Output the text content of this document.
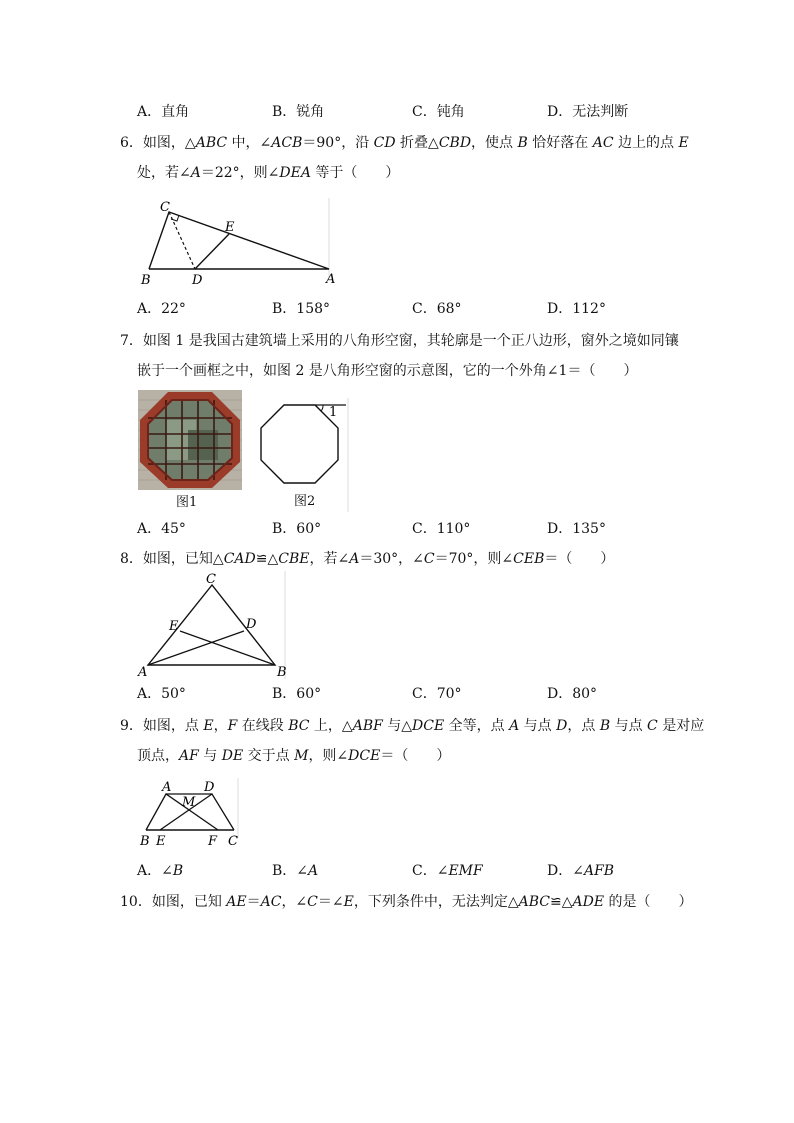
A．直角	B．锐角	C．钝角	D．无法判断
6．如图，△ABC 中，∠ACB＝90°，沿 CD 折叠△CBD，使点 B 恰好落在 AC 边上的点 E
处，若∠A＝22°，则∠DEA 等于（　　）
C
E
B	D	A
A．22°	B．158°	C．68°	D．112°
7．如图 1 是我国古建筑墙上采用的八角形空窗，其轮廓是一个正八边形，窗外之境如同镶
嵌于一个画框之中，如图 2 是八角形空窗的示意图，它的一个外角∠1＝（　　）
图1
1
图2
A．45°	B．60°	C．110°	D．135°
8．如图，已知△CAD≌△CBE，若∠A＝30°，∠C＝70°，则∠CEB＝（　　）
C
E	D
A	B
A．50°	B．60°	C．70°	D．80°
9．如图，点 E，F 在线段 BC 上，△ABF 与△DCE 全等，点 A 与点 D，点 B 与点 C 是对应
顶点，AF 与 DE 交于点 M，则∠DCE＝（　　）
A	D
M
B E	F C
A．∠B	B．∠A	C．∠EMF	D．∠AFB
10．如图，已知 AE＝AC，∠C＝∠E，下列条件中，无法判定△ABC≌△ADE 的是（　　）
